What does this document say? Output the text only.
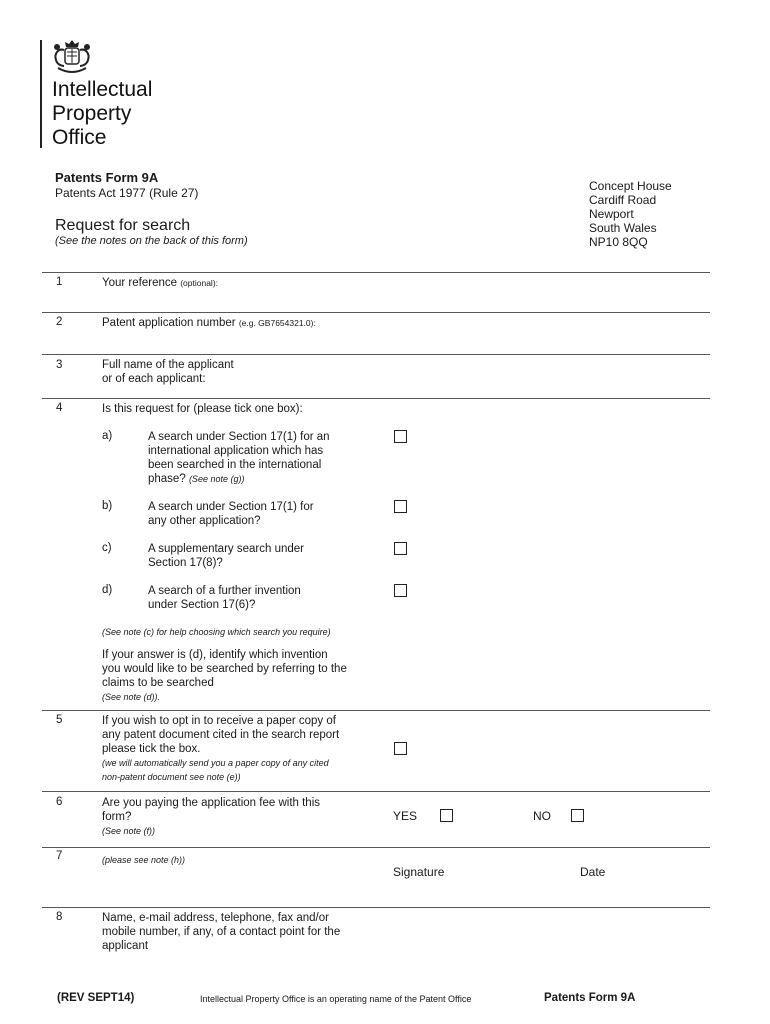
Intellectual
Property
Office
Patents Form 9A
Patents Act 1977 (Rule 27)
Request for search
(See the notes on the back of this form)
Concept House
Cardiff Road
Newport
South Wales
NP10 8QQ
1	Your reference (optional):
2	Patent application number (e.g. GB7654321.0):
3	Full name of the applicant
or of each applicant:
4	Is this request for (please tick one box):
a)	A search under Section 17(1) for an
international application which has
been searched in the international
phase? (See note (g))
b)	A search under Section 17(1) for
any other application?
c)	A supplementary search under
Section 17(8)?
d)	A search of a further invention
under Section 17(6)?
(See note (c) for help choosing which search you require)
If your answer is (d), identify which invention
you would like to be searched by referring to the
claims to be searched
(See note (d)).
5	If you wish to opt in to receive a paper copy of
any patent document cited in the search report
please tick the box.
(we will automatically send you a paper copy of any cited
non-patent document see note (e))
6	Are you paying the application fee with this
form?
(See note (f))
YES	NO
7	(please see note (h))
Signature	Date
8	Name, e-mail address, telephone, fax and/or
mobile number, if any, of a contact point for the
applicant
(REV SEPT14)	Intellectual Property Office is an operating name of the Patent Office	Patents Form 9A
